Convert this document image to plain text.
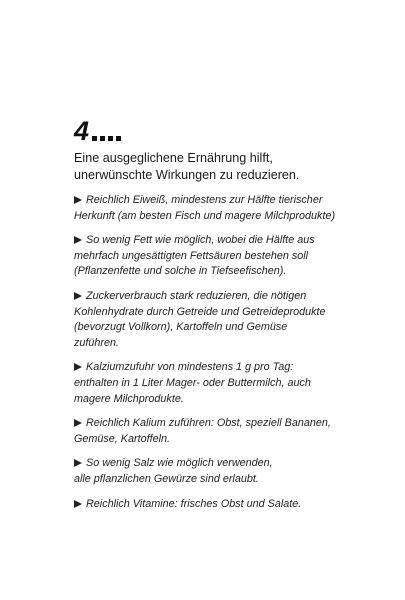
4
Eine ausgeglichene Ernährung hilft,
unerwünschte Wirkungen zu reduzieren.
Reichlich Eiweiß, mindestens zur Hälfte tierischer
Herkunft (am besten Fisch und magere Milchprodukte)
So wenig Fett wie möglich, wobei die Hälfte aus
mehrfach ungesättigten Fettsäuren bestehen soll
(Pflanzenfette und solche in Tiefseefischen).
Zuckerverbrauch stark reduzieren, die nötigen
Kohlenhydrate durch Getreide und Getreideprodukte
(bevorzugt Vollkorn), Kartoffeln und Gemüse
zuführen.
Kalziumzufuhr von mindestens 1 g pro Tag:
enthalten in 1 Liter Mager- oder Buttermilch, auch
magere Milchprodukte.
Reichlich Kalium zuführen: Obst, speziell Bananen,
Gemüse, Kartoffeln.
So wenig Salz wie möglich verwenden,
alle pflanzlichen Gewürze sind erlaubt.
Reichlich Vitamine: frisches Obst und Salate.
